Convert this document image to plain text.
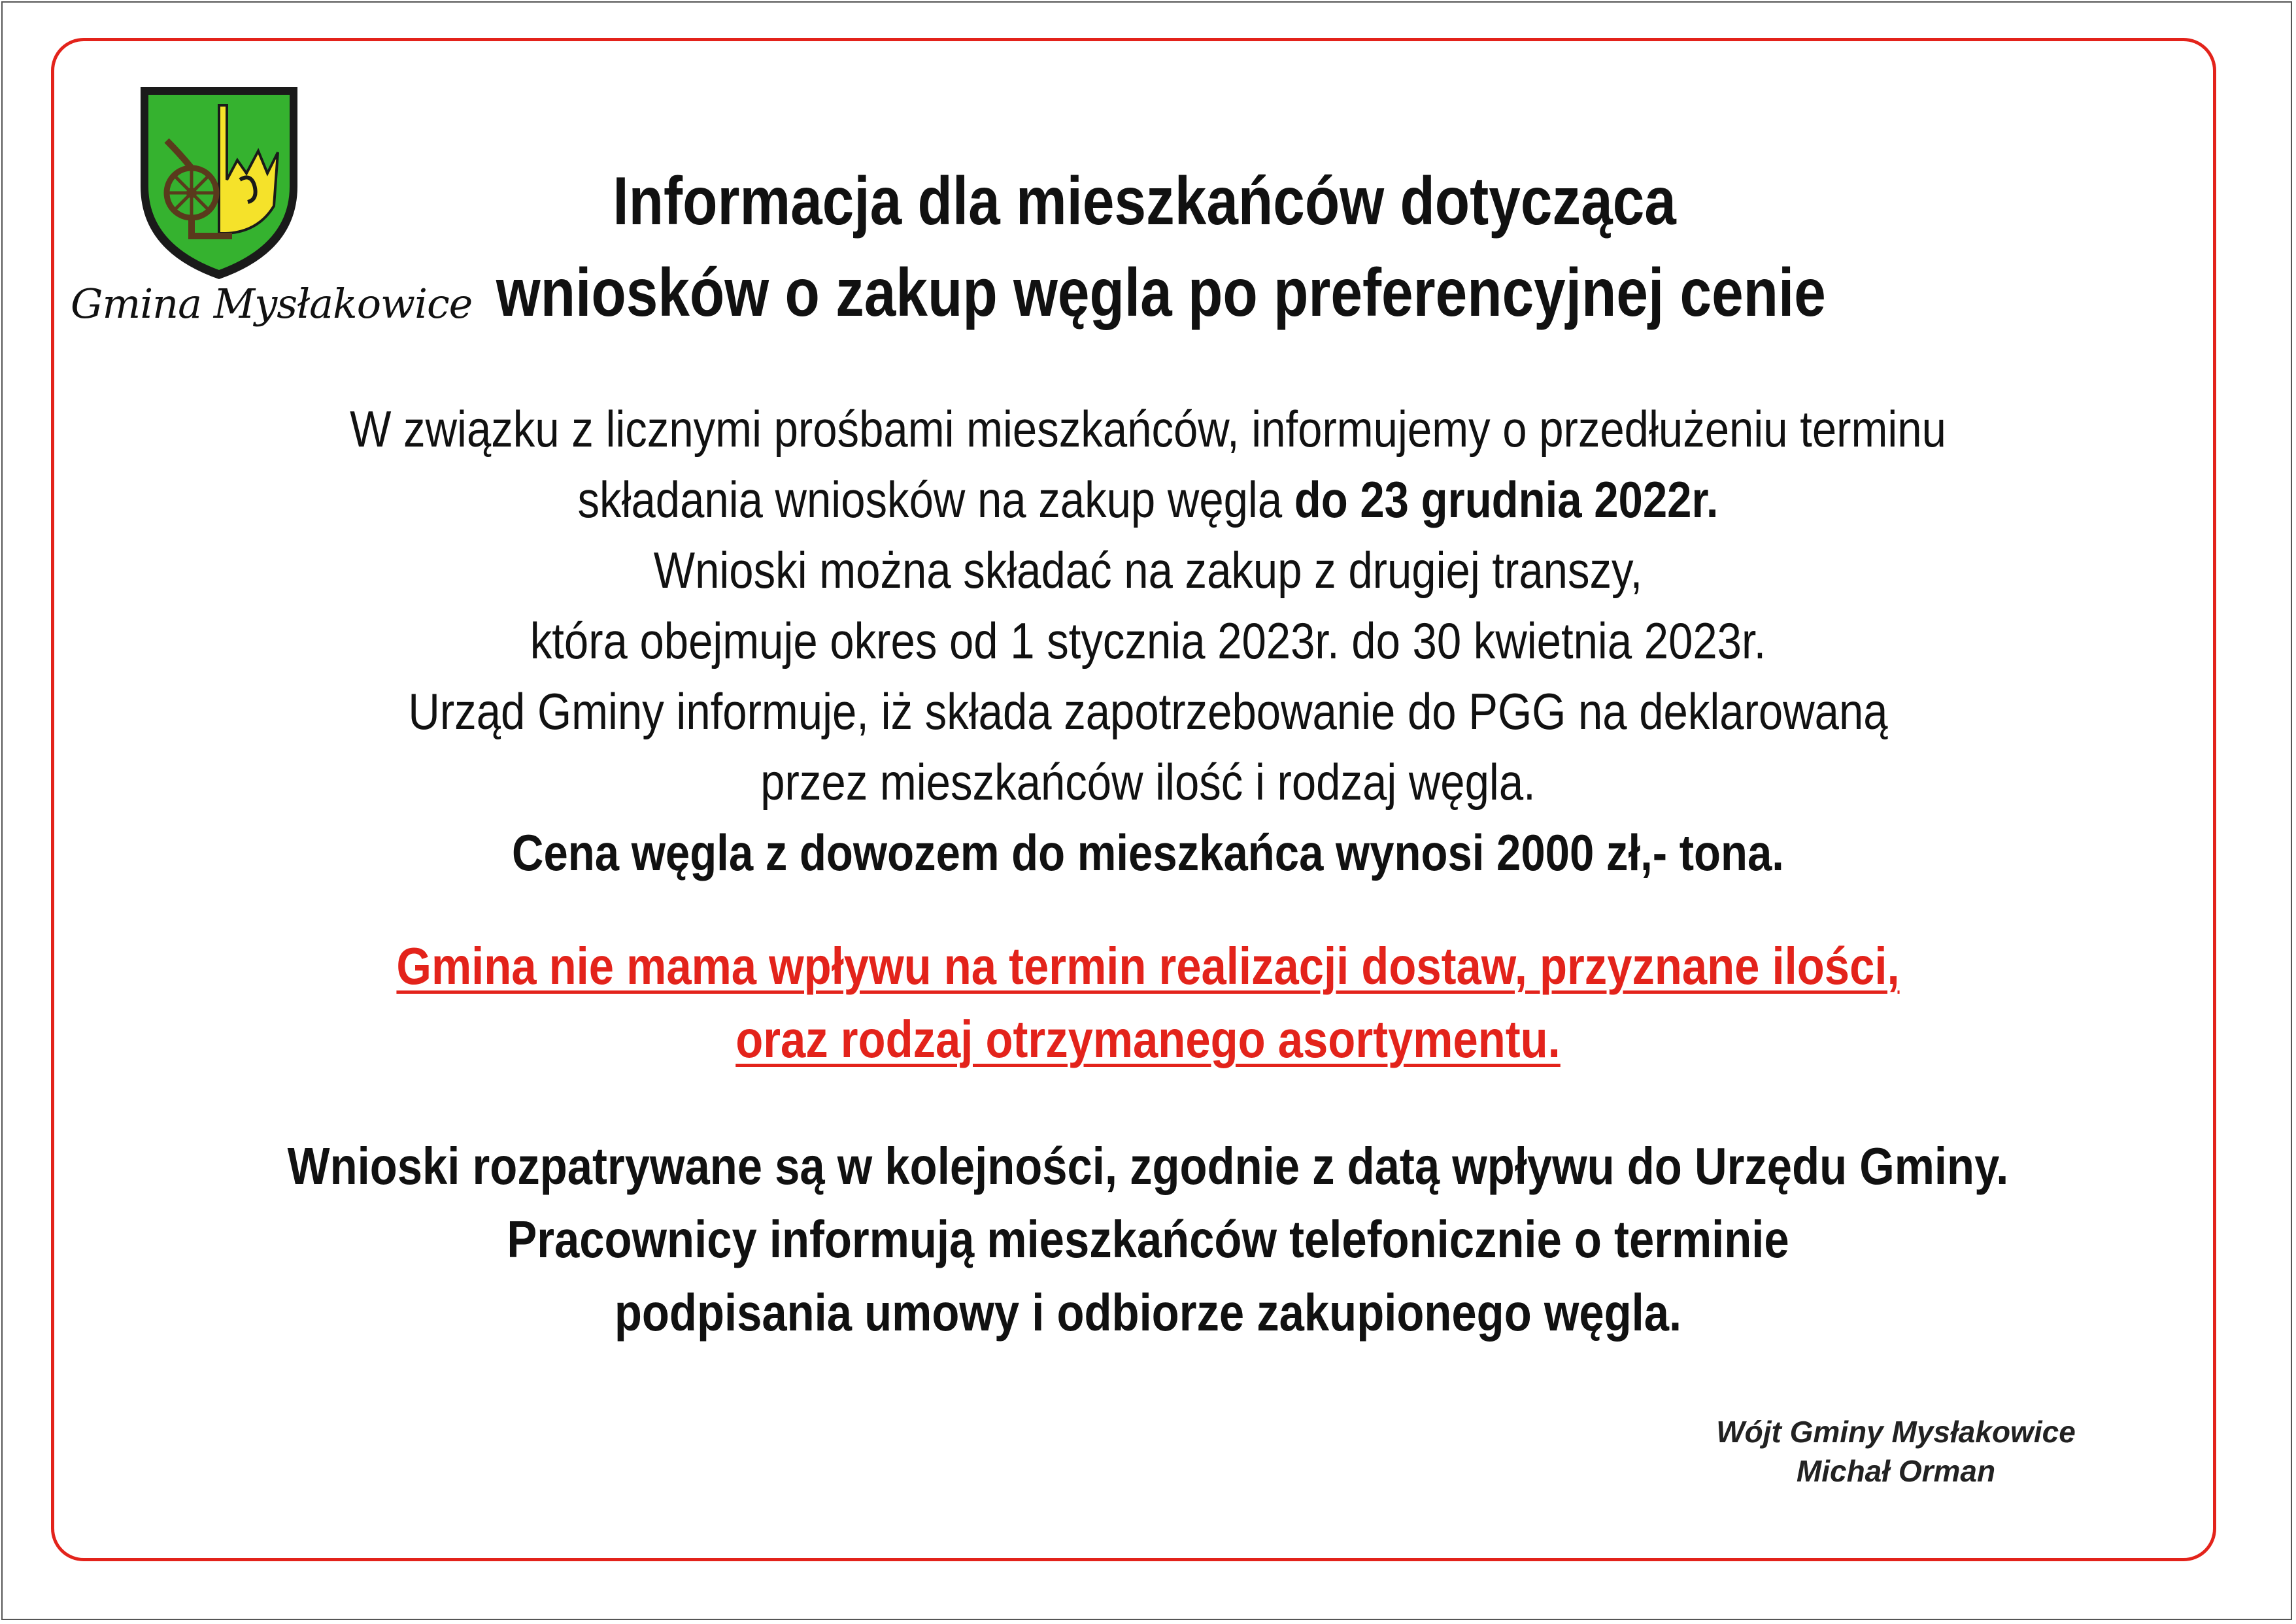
Gmina Mysłakowice
Informacja dla mieszkańców dotycząca
wniosków o zakup węgla po preferencyjnej cenie
W związku z licznymi prośbami mieszkańców, informujemy o przedłużeniu terminu
składania wniosków na zakup węgla do 23 grudnia 2022r.
Wnioski można składać na zakup z drugiej transzy,
która obejmuje okres od 1 stycznia 2023r. do 30 kwietnia 2023r.
Urząd Gminy informuje, iż składa zapotrzebowanie do PGG na deklarowaną
przez mieszkańców ilość i rodzaj węgla.
Cena węgla z dowozem do mieszkańca wynosi 2000 zł,- tona.
Gmina nie mama wpływu na termin realizacji dostaw, przyznane ilości,
oraz rodzaj otrzymanego asortymentu.
Wnioski rozpatrywane są w kolejności, zgodnie z datą wpływu do Urzędu Gminy.
Pracownicy informują mieszkańców telefonicznie o terminie
podpisania umowy i odbiorze zakupionego węgla.
Wójt Gminy Mysłakowice
Michał Orman
